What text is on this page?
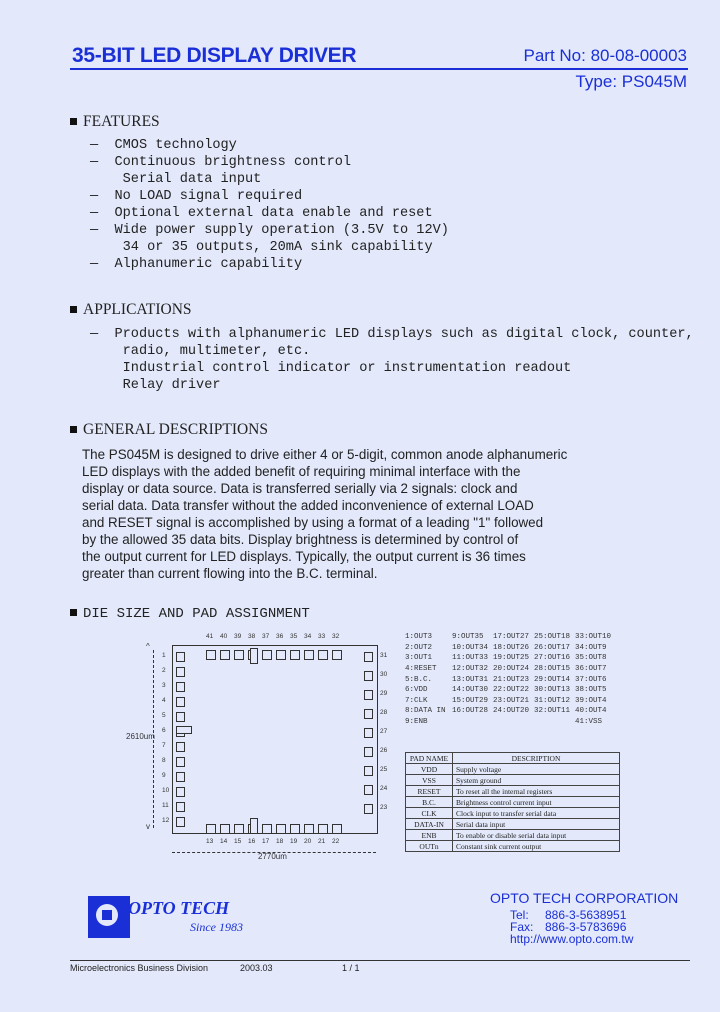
35-BIT LED DISPLAY DRIVER	Part No: 80-08-00003
Type: PS045M
FEATURES
—  CMOS technology
—  Continuous brightness control
Serial data input
—  No LOAD signal required
—  Optional external data enable and reset
—  Wide power supply operation (3.5V to 12V)
34 or 35 outputs, 20mA sink capability
—  Alphanumeric capability
APPLICATIONS
—  Products with alphanumeric LED displays such as digital clock, counter,
radio, multimeter, etc.
Industrial control indicator or instrumentation readout
Relay driver
GENERAL DESCRIPTIONS
The PS045M is designed to drive either 4 or 5-digit, common anode alphanumeric
LED displays with the added benefit of requiring minimal interface with the
display or data source. Data is transferred serially via 2 signals: clock and
serial data. Data transfer without the added inconvenience of external LOAD
and RESET signal is accomplished by using a format of a leading "1" followed
by the allowed 35 data bits. Display brightness is determined by control of
the output current for LED displays. Typically, the output current is 36 times
greater than current flowing into the B.C. terminal.
DIE SIZE AND PAD ASSIGNMENT
^
v
2610um
2770um
41 40 39 38 37 36 35 34 33 32
13 14 15 16 17 18 19 20 21 22
1
2
3
4
5
6
7
8
9
10
11
12
31
30
29
28
27
26
25
24
23
1:OUT3	9:OUT35	17:OUT27	25:OUT18	33:OUT10
2:OUT2	10:OUT34	18:OUT26	26:OUT17	34:OUT9
3:OUT1	11:OUT33	19:OUT25	27:OUT16	35:OUT8
4:RESET	12:OUT32	20:OUT24	28:OUT15	36:OUT7
5:B.C.	13:OUT31	21:OUT23	29:OUT14	37:OUT6
6:VDD	14:OUT30	22:OUT22	30:OUT13	38:OUT5
7:CLK	15:OUT29	23:OUT21	31:OUT12	39:OUT4
8:DATA IN	16:OUT28	24:OUT20	32:OUT11	40:OUT4
9:ENB				41:VSS
PAD NAME	DESCRIPTION
VDD	Supply voltage
VSS	System ground
RESET	To reset all the internal registers
B.C.	Brightness control current input
CLK	Clock input to transfer serial data
DATA-IN	Serial data input
ENB	To enable or disable serial data input
OUTn	Constant sink current output
OPTO TECH
Since 1983
OPTO TECH CORPORATION
Tel: 886-3-5638951
Fax: 886-3-5783696
http://www.opto.com.tw
Microelectronics Business Division	2003.03	1 / 1
